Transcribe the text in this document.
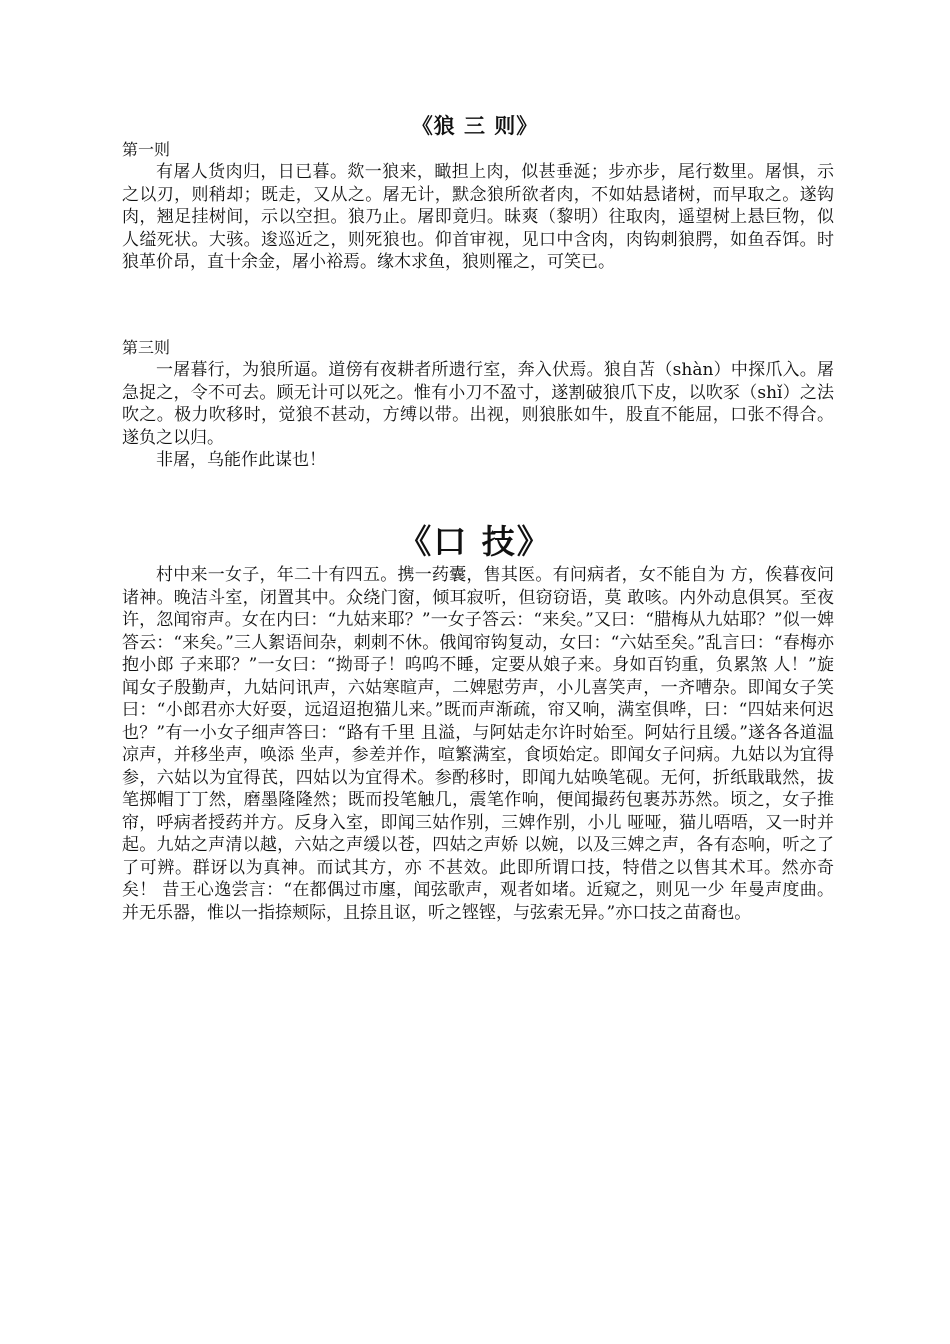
《狼 三 则》
第一则

有屠人货肉归，日已暮。欻一狼来，瞰担上肉，似甚垂涎；步亦步，尾行数里。屠惧，示之以刃，则稍却；既走，又从之。屠无计，默念狼所欲者肉，不如姑悬诸树，而早取之。遂钩肉，翘足挂树间，示以空担。狼乃止。屠即竟归。昧爽（黎明）往取肉，遥望树上悬巨物，似人缢死状。大骇。逡巡近之，则死狼也。仰首审视，见口中含肉，肉钩刺狼腭，如鱼吞饵。时狼革价昂，直十余金，屠小裕焉。缘木求鱼，狼则罹之，可笑已。

第三则

一屠暮行，为狼所逼。道傍有夜耕者所遗行室，奔入伏焉。狼自苫（shàn）中探爪入。屠急捉之，令不可去。顾无计可以死之。惟有小刀不盈寸，遂割破狼爪下皮，以吹豕（shǐ）之法吹之。极力吹移时，觉狼不甚动，方缚以带。出视，则狼胀如牛，股直不能屈，口张不得合。遂负之以归。

非屠，乌能作此谋也！

《口 技》

村中来一女子，年二十有四五。携一药囊，售其医。有问病者，女不能自为 方，俟暮夜问诸神。晚洁斗室，闭置其中。众绕门窗，倾耳寂听，但窃窃语，莫 敢咳。内外动息俱冥。至夜许，忽闻帘声。女在内曰：“九姑来耶？”一女子答云：“来矣。”又曰：“腊梅从九姑耶？”似一婢答云：“来矣。”三人絮语间杂，刺刺不休。俄闻帘钩复动，女曰：“六姑至矣。”乱言曰：“春梅亦抱小郎 子来耶？”一女曰：“拗哥子！呜呜不睡，定要从娘子来。身如百钧重，负累煞 人！”旋闻女子殷勤声，九姑问讯声，六姑寒暄声，二婢慰劳声，小儿喜笑声，一齐嘈杂。即闻女子笑曰：“小郎君亦大好耍，远迢迢抱猫儿来。”既而声渐疏，帘又响，满室俱哗，曰：“四姑来何迟也？”有一小女子细声答曰：“路有千里 且溢，与阿姑走尔许时始至。阿姑行且缓。”遂各各道温凉声，并移坐声，唤添 坐声，参差并作，喧繁满室，食顷始定。即闻女子问病。九姑以为宜得参，六姑以为宜得芪，四姑以为宜得术。参酌移时，即闻九姑唤笔砚。无何，折纸戢戢然，拔笔掷帽丁丁然，磨墨隆隆然；既而投笔触几，震笔作响，便闻撮药包裹苏苏然。顷之，女子推帘，呼病者授药并方。反身入室，即闻三姑作别，三婢作别，小儿 哑哑，猫儿唔唔，又一时并起。九姑之声清以越，六姑之声缓以苍，四姑之声娇 以婉，以及三婢之声，各有态响，听之了了可辨。群讶以为真神。而试其方，亦 不甚效。此即所谓口技，特借之以售其术耳。然亦奇矣！ 昔王心逸尝言：“在都偶过市廛，闻弦歌声，观者如堵。近窥之，则见一少 年曼声度曲。并无乐器，惟以一指捺颊际，且捺且讴，听之铿铿，与弦索无异。”亦口技之苗裔也。
